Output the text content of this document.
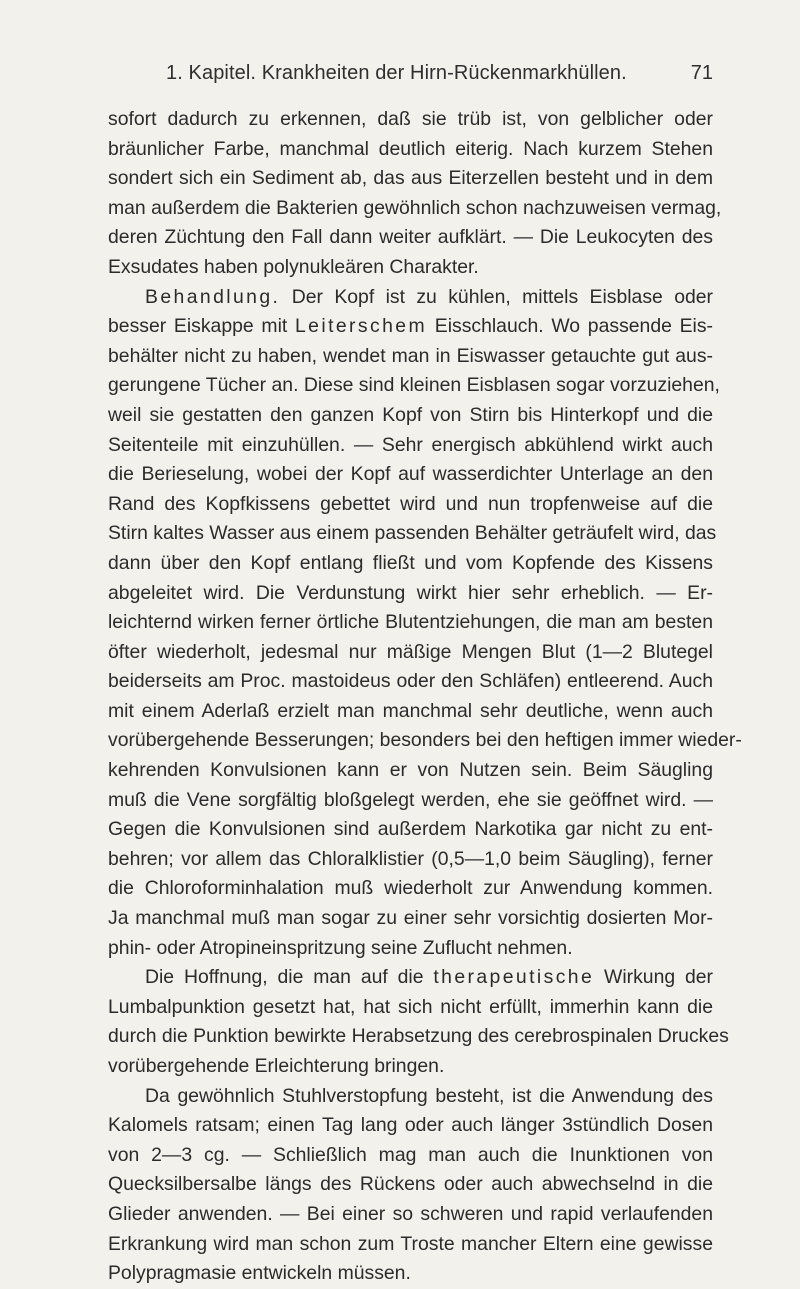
1. Kapitel. Krankheiten der Hirn-Rückenmarkhüllen.	71
sofort dadurch zu erkennen, daß sie trüb ist, von gelblicher oder
bräunlicher Farbe, manchmal deutlich eiterig. Nach kurzem Stehen
sondert sich ein Sediment ab, das aus Eiterzellen besteht und in dem
man außerdem die Bakterien gewöhnlich schon nachzuweisen vermag,
deren Züchtung den Fall dann weiter aufklärt. — Die Leukocyten des
Exsudates haben polynukleären Charakter.
Behandlung. Der Kopf ist zu kühlen, mittels Eisblase oder
besser Eiskappe mit Leiterschem Eisschlauch. Wo passende Eis-
behälter nicht zu haben, wendet man in Eiswasser getauchte gut aus-
gerungene Tücher an. Diese sind kleinen Eisblasen sogar vorzuziehen,
weil sie gestatten den ganzen Kopf von Stirn bis Hinterkopf und die
Seitenteile mit einzuhüllen. — Sehr energisch abkühlend wirkt auch
die Berieselung, wobei der Kopf auf wasserdichter Unterlage an den
Rand des Kopfkissens gebettet wird und nun tropfenweise auf die
Stirn kaltes Wasser aus einem passenden Behälter geträufelt wird, das
dann über den Kopf entlang fließt und vom Kopfende des Kissens
abgeleitet wird. Die Verdunstung wirkt hier sehr erheblich. — Er-
leichternd wirken ferner örtliche Blutentziehungen, die man am besten
öfter wiederholt, jedesmal nur mäßige Mengen Blut (1—2 Blutegel
beiderseits am Proc. mastoideus oder den Schläfen) entleerend. Auch
mit einem Aderlaß erzielt man manchmal sehr deutliche, wenn auch
vorübergehende Besserungen; besonders bei den heftigen immer wieder-
kehrenden Konvulsionen kann er von Nutzen sein. Beim Säugling
muß die Vene sorgfältig bloßgelegt werden, ehe sie geöffnet wird. —
Gegen die Konvulsionen sind außerdem Narkotika gar nicht zu ent-
behren; vor allem das Chloralklistier (0,5—1,0 beim Säugling), ferner
die Chloroforminhalation muß wiederholt zur Anwendung kommen.
Ja manchmal muß man sogar zu einer sehr vorsichtig dosierten Mor-
phin- oder Atropineinspritzung seine Zuflucht nehmen.
Die Hoffnung, die man auf die therapeutische Wirkung der
Lumbalpunktion gesetzt hat, hat sich nicht erfüllt, immerhin kann die
durch die Punktion bewirkte Herabsetzung des cerebrospinalen Druckes
vorübergehende Erleichterung bringen.
Da gewöhnlich Stuhlverstopfung besteht, ist die Anwendung des
Kalomels ratsam; einen Tag lang oder auch länger 3stündlich Dosen
von 2—3 cg. — Schließlich mag man auch die Inunktionen von
Quecksilbersalbe längs des Rückens oder auch abwechselnd in die
Glieder anwenden. — Bei einer so schweren und rapid verlaufenden
Erkrankung wird man schon zum Troste mancher Eltern eine gewisse
Polypragmasie entwickeln müssen.
